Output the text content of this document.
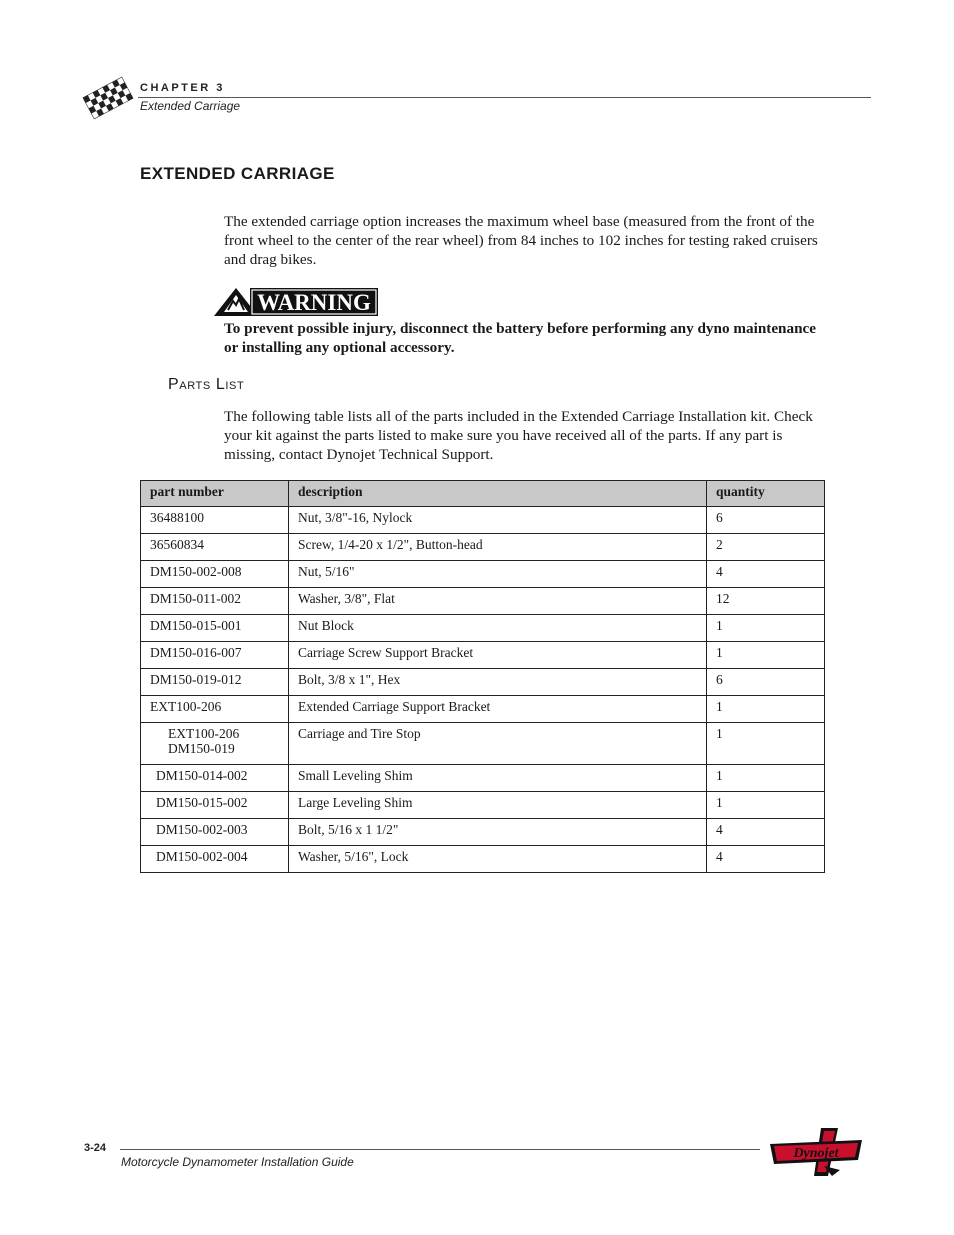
CHAPTER 3
Extended Carriage
EXTENDED CARRIAGE
The extended carriage option increases the maximum wheel base (measured from the front of the front wheel to the center of the rear wheel) from 84 inches to 102 inches for testing raked cruisers and drag bikes.
WARNING
To prevent possible injury, disconnect the battery before performing any dyno maintenance or installing any optional accessory.
Parts List
The following table lists all of the parts included in the Extended Carriage Installation kit. Check your kit against the parts listed to make sure you have received all of the parts. If any part is missing, contact Dynojet Technical Support.
part number	description	quantity
36488100	Nut, 3/8"-16, Nylock	6
36560834	Screw, 1/4-20 x 1/2", Button-head	2
DM150-002-008	Nut, 5/16"	4
DM150-011-002	Washer, 3/8", Flat	12
DM150-015-001	Nut Block	1
DM150-016-007	Carriage Screw Support Bracket	1
DM150-019-012	Bolt, 3/8 x 1", Hex	6
EXT100-206	Extended Carriage Support Bracket	1

EXT100-206
DM150-019	Carriage and Tire Stop	1
DM150-014-002	Small Leveling Shim	1
DM150-015-002	Large Leveling Shim	1
DM150-002-003	Bolt, 5/16 x 1 1/2"	4
DM150-002-004	Washer, 5/16", Lock	4
3-24
Motorcycle Dynamometer Installation Guide
Dynojet
